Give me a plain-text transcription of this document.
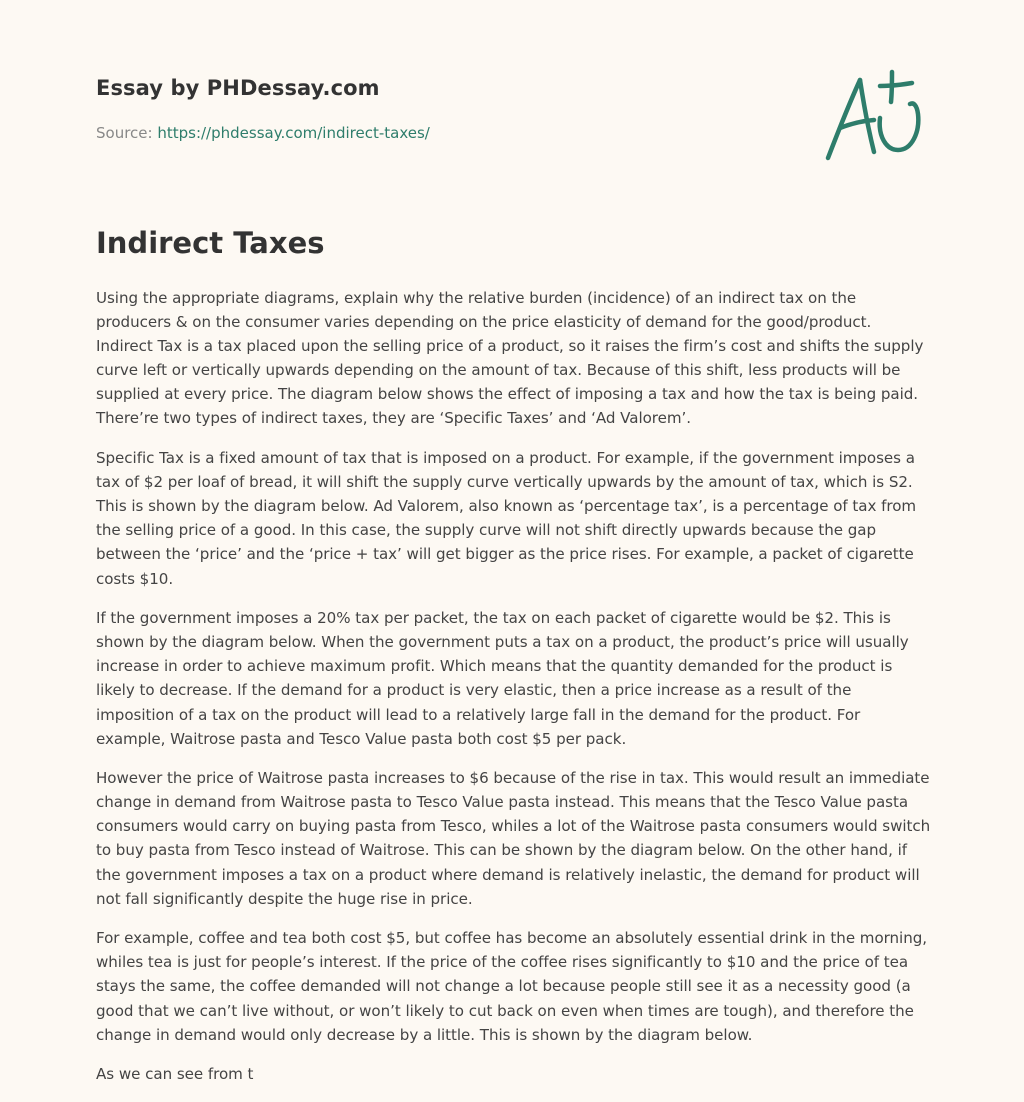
Essay by PHDessay.com
Source: https://phdessay.com/indirect-taxes/
Indirect Taxes

Using the appropriate diagrams, explain why the relative burden (incidence) of an indirect tax on the producers & on the consumer varies depending on the price elasticity of demand for the good/product. Indirect Tax is a tax placed upon the selling price of a product, so it raises the firm’s cost and shifts the supply curve left or vertically upwards depending on the amount of tax. Because of this shift, less products will be supplied at every price. The diagram below shows the effect of imposing a tax and how the tax is being paid. There’re two types of indirect taxes, they are ‘Specific Taxes’ and ‘Ad Valorem’.

Specific Tax is a fixed amount of tax that is imposed on a product. For example, if the government imposes a tax of $2 per loaf of bread, it will shift the supply curve vertically upwards by the amount of tax, which is S2. This is shown by the diagram below. Ad Valorem, also known as ‘percentage tax’, is a percentage of tax from the selling price of a good. In this case, the supply curve will not shift directly upwards because the gap between the ‘price’ and the ‘price + tax’ will get bigger as the price rises. For example, a packet of cigarette costs $10.

If the government imposes a 20% tax per packet, the tax on each packet of cigarette would be $2. This is shown by the diagram below. When the government puts a tax on a product, the product’s price will usually increase in order to achieve maximum profit. Which means that the quantity demanded for the product is likely to decrease. If the demand for a product is very elastic, then a price increase as a result of the imposition of a tax on the product will lead to a relatively large fall in the demand for the product. For example, Waitrose pasta and Tesco Value pasta both cost $5 per pack.

However the price of Waitrose pasta increases to $6 because of the rise in tax. This would result an immediate change in demand from Waitrose pasta to Tesco Value pasta instead. This means that the Tesco Value pasta consumers would carry on buying pasta from Tesco, whiles a lot of the Waitrose pasta consumers would switch to buy pasta from Tesco instead of Waitrose. This can be shown by the diagram below. On the other hand, if the government imposes a tax on a product where demand is relatively inelastic, the demand for product will not fall significantly despite the huge rise in price.

For example, coffee and tea both cost $5, but coffee has become an absolutely essential drink in the morning, whiles tea is just for people’s interest. If the price of the coffee rises significantly to $10 and the price of tea stays the same, the coffee demanded will not change a lot because people still see it as a necessity good (a good that we can’t live without, or won’t likely to cut back on even when times are tough), and therefore the change in demand would only decrease by a little. This is shown by the diagram below.

As we can see from t
